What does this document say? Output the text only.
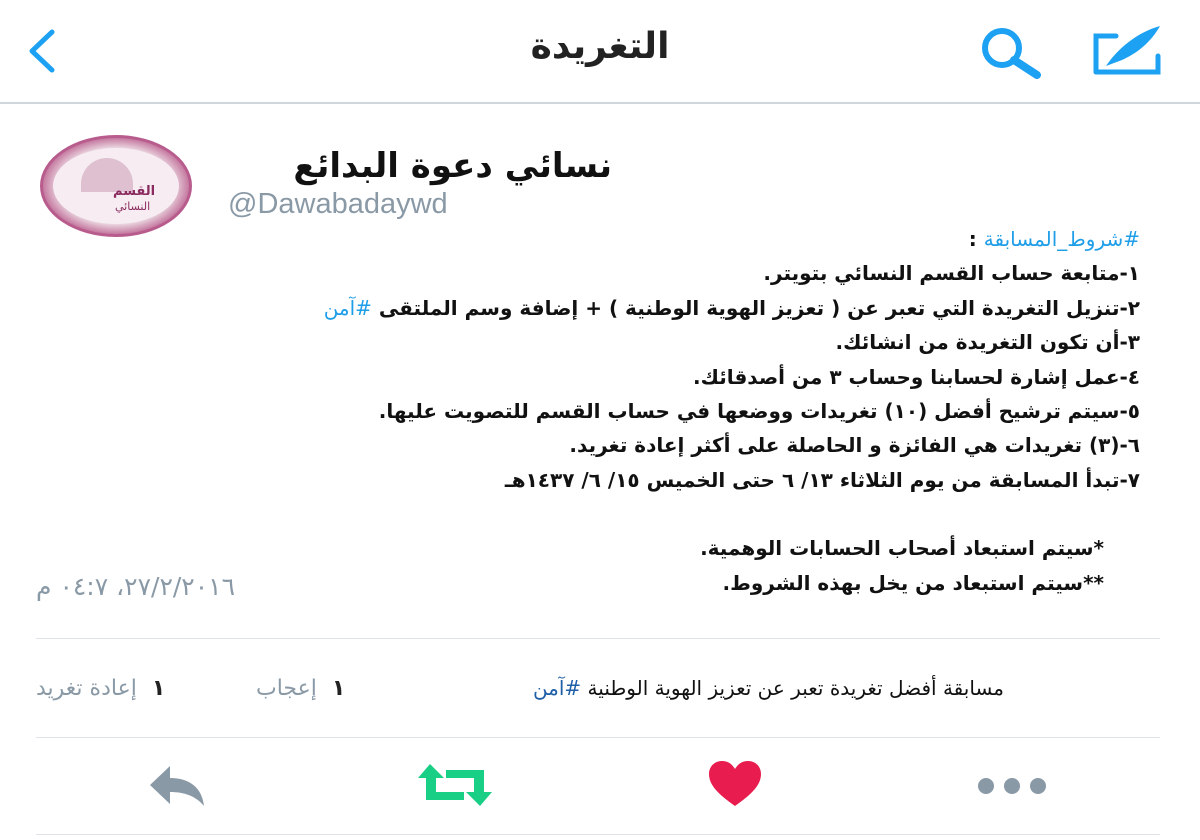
التغريدة
القسم
النسائي
نسائي دعوة البدائع
@Dawabadaywd
#شروط_المسابقة :
١-متابعة حساب القسم النسائي بتويتر.
٢-تنزيل التغريدة التي تعبر عن ( تعزيز الهوية الوطنية ) + إضافة وسم الملتقى #آمن
٣-أن تكون التغريدة من انشائك.
٤-عمل إشارة لحسابنا وحساب ٣ من أصدقائك.
٥-سيتم ترشيح أفضل (١٠) تغريدات ووضعها في حساب القسم للتصويت عليها.
٦-(٣) تغريدات هي الفائزة و الحاصلة على أكثر إعادة تغريد.
٧-تبدأ المسابقة من يوم الثلاثاء ١٣/ ٦ حتى الخميس ١٥/ ٦/ ١٤٣٧هـ
*سيتم استبعاد أصحاب الحسابات الوهمية.
**سيتم استبعاد من يخل بهذه الشروط.
٢٧/٢/٢٠١٦، ٠٤:٧ م
١ إعادة تغريد	١ إعجاب	مسابقة أفضل تغريدة تعبر عن تعزيز الهوية الوطنية #آمن
